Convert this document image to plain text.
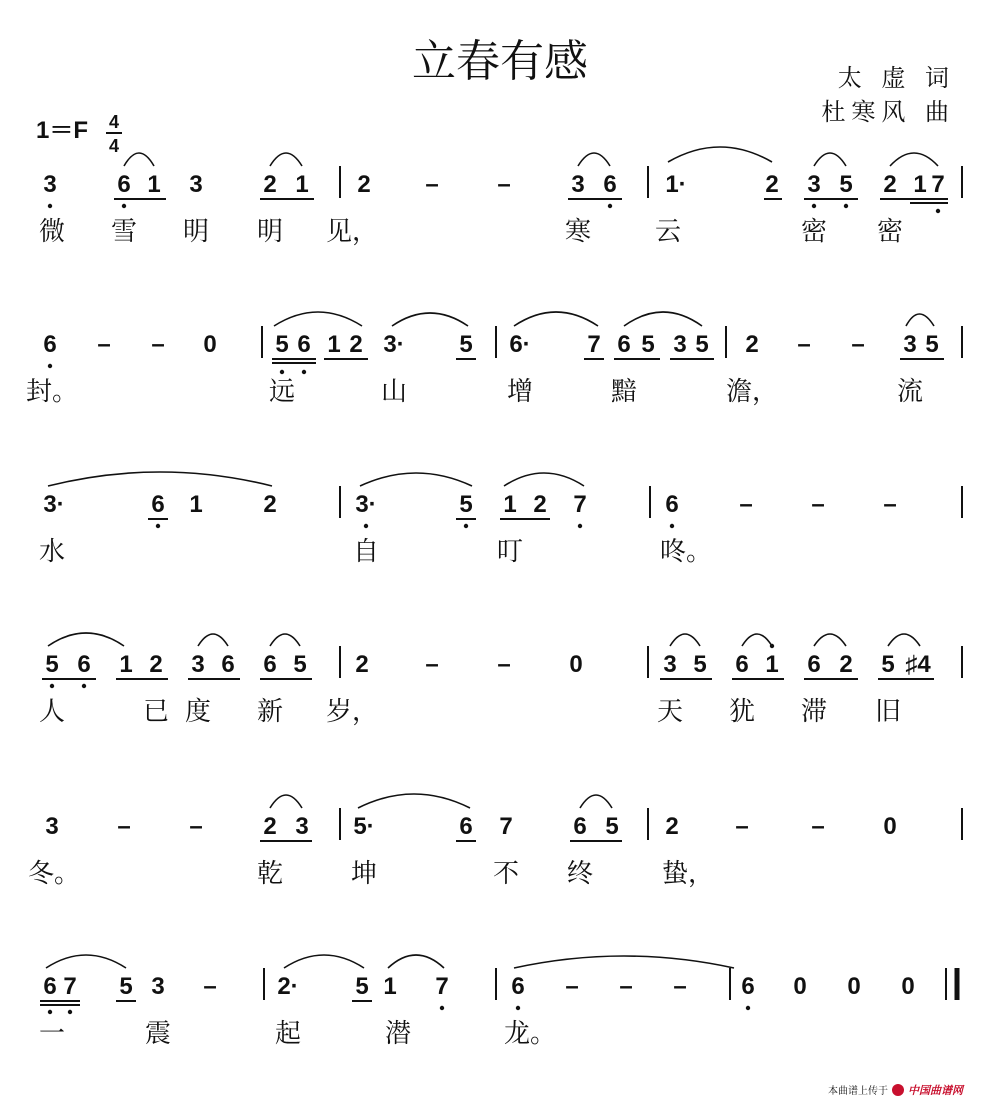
立春有感	太 虚 词
杜寒风 曲
1＝F 4
4
3	6 1 3	2 1 2 – –	3 6 1·	2 3 5 2 1 7
微 雪 明 明 见，	寒 云	密 密
6 – – 0 5 6 1 2 3· 5 6· 7 6 5 3 5 2 – – 3 5
封。	远	山	增	黯	澹，	流
3·	6 1	2	3·	5 1 2 7	6	– – –
水	自	叮	咚。
5 6 1 2 3 6 6 5 2 – – 0	3 5 6 1 6 2 5 ♯4
人	已 度 新 岁，	天 犹 滞 旧
3 – –	2 3 5·	6 7	6 5 2 –	– 0
冬。	乾	坤	不 终	蛰，
6 7 5 3 –	2· 5 1 7	6 – – – 6 0 0 0
一	震	起	潜	龙。
本曲谱上传于 中国曲谱网
